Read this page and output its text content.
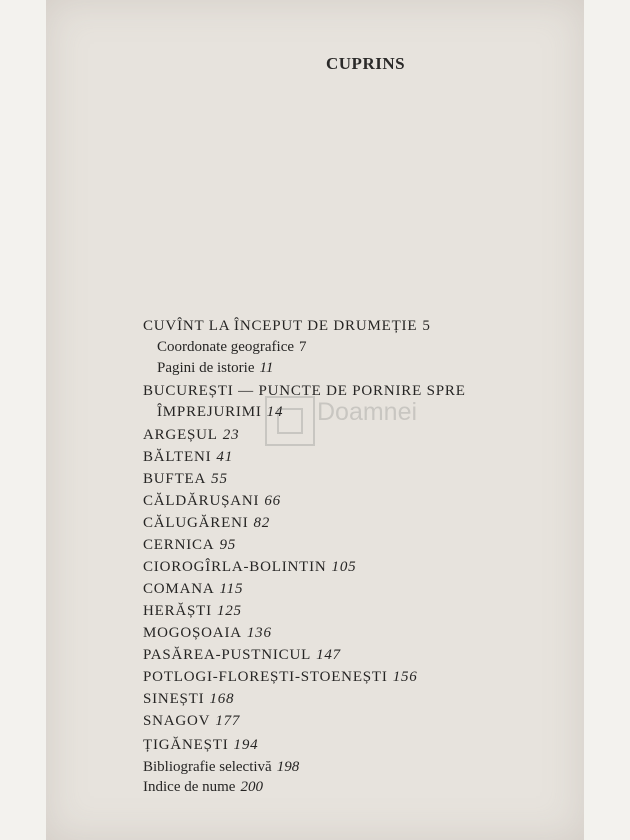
CUPRINS
Doamnei
CUVÎNT LA ÎNCEPUT DE DRUMEȚIE 5
Coordonate geografice 7
Pagini de istorie 11
BUCUREȘTI — PUNCTE DE PORNIRE SPRE
ÎMPREJURIMI 14
ARGEȘUL 23
BĂLTENI 41
BUFTEA 55
CĂLDĂRUȘANI 66
CĂLUGĂRENI 82
CERNICA 95
CIOROGÎRLA-BOLINTIN 105
COMANA 115
HERĂȘTI 125
MOGOȘOAIA 136
PASĂREA-PUSTNICUL 147
POTLOGI-FLOREȘTI-STOENEȘTI 156
SINEȘTI 168
SNAGOV 177
ȚIGĂNEȘTI 194
Bibliografie selectivă 198
Indice de nume 200
